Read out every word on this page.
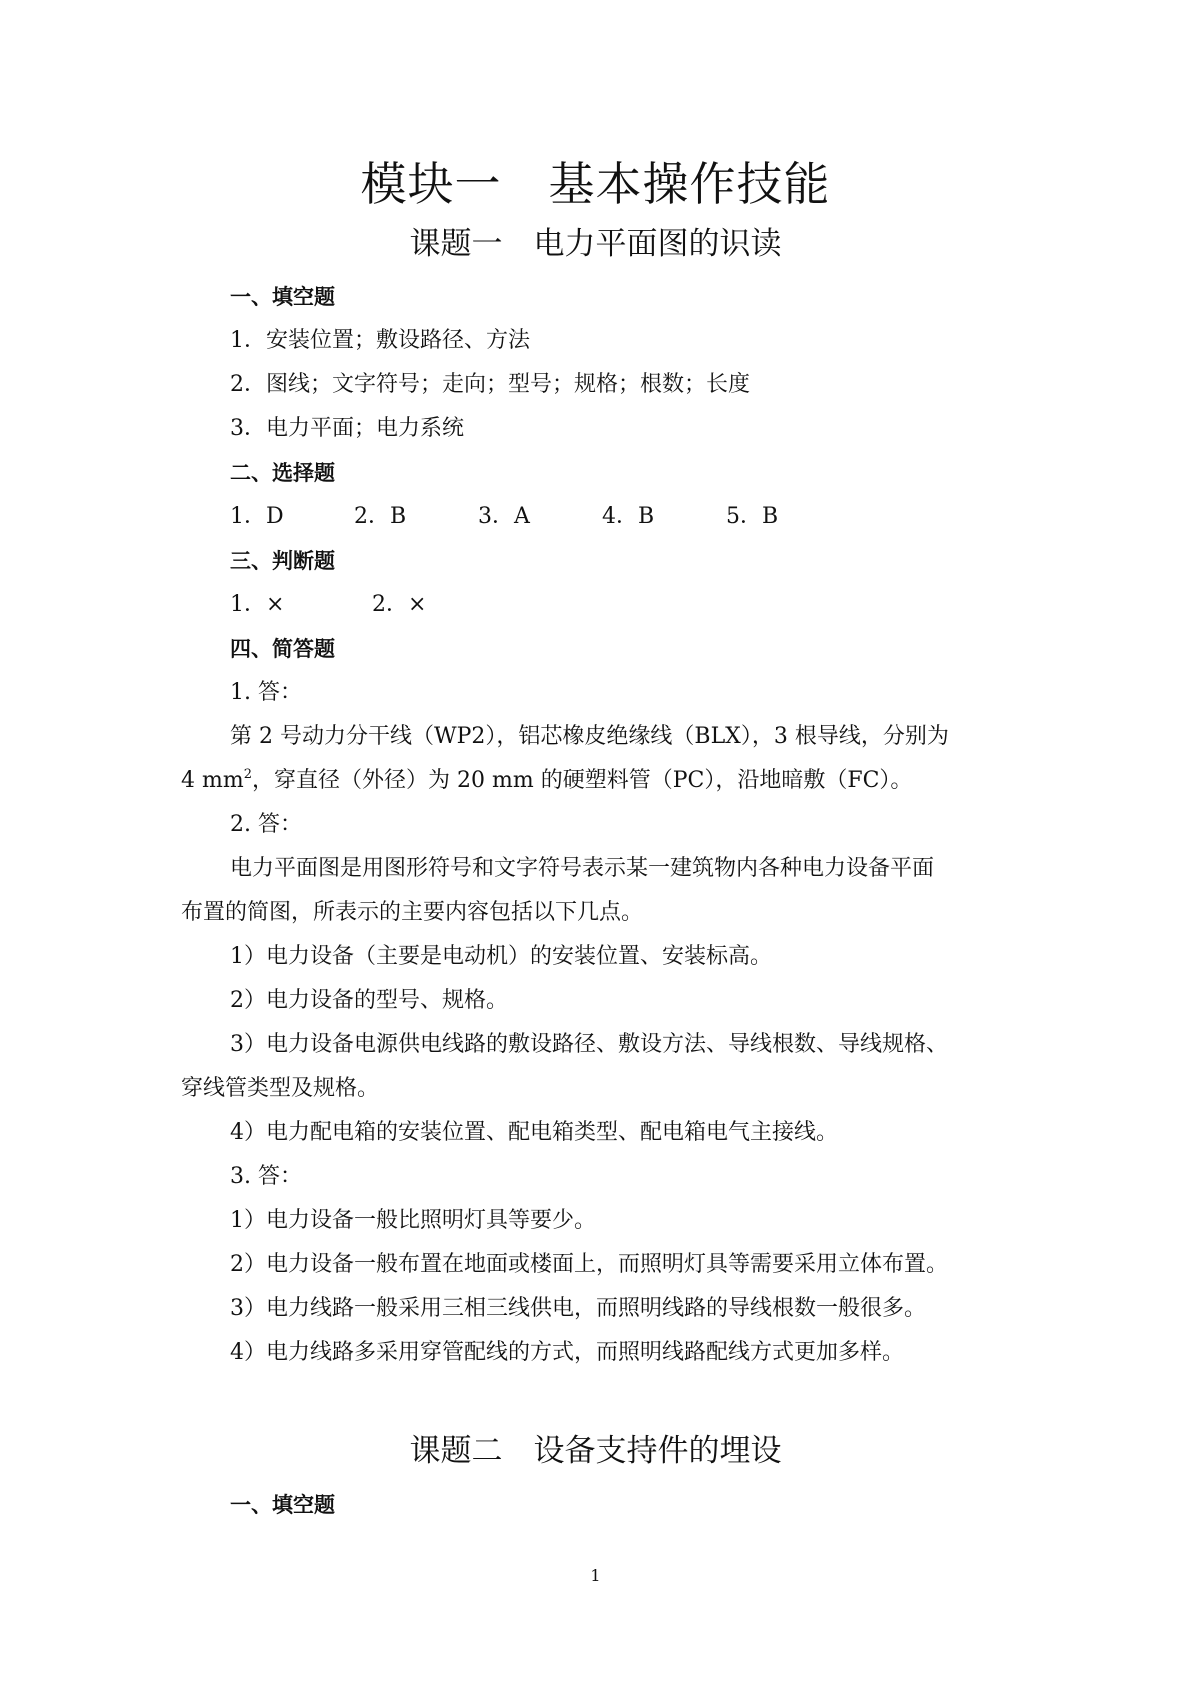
模块一　基本操作技能
课题一　电力平面图的识读

一、填空题

1．安装位置；敷设路径、方法

2．图线；文字符号；走向；型号；规格；根数；长度

3．电力平面；电力系统

二、选择题

1．D	2．B	3．A	4．B	5．B

三、判断题

1．×	2．×

四、简答题

1. 答：

第 2 号动力分干线（WP2），铝芯橡皮绝缘线（BLX），3 根导线，分别为

4 $mm^2$，穿直径（外径）为 20 mm 的硬塑料管（PC），沿地暗敷（FC）。

2. 答：

电力平面图是用图形符号和文字符号表示某一建筑物内各种电力设备平面

布置的简图，所表示的主要内容包括以下几点。

1）电力设备（主要是电动机）的安装位置、安装标高。

2）电力设备的型号、规格。

3）电力设备电源供电线路的敷设路径、敷设方法、导线根数、导线规格、

穿线管类型及规格。

4）电力配电箱的安装位置、配电箱类型、配电箱电气主接线。

3. 答：

1）电力设备一般比照明灯具等要少。

2）电力设备一般布置在地面或楼面上，而照明灯具等需要采用立体布置。

3）电力线路一般采用三相三线供电，而照明线路的导线根数一般很多。

4）电力线路多采用穿管配线的方式，而照明线路配线方式更加多样。

课题二　设备支持件的埋设

一、填空题

1
